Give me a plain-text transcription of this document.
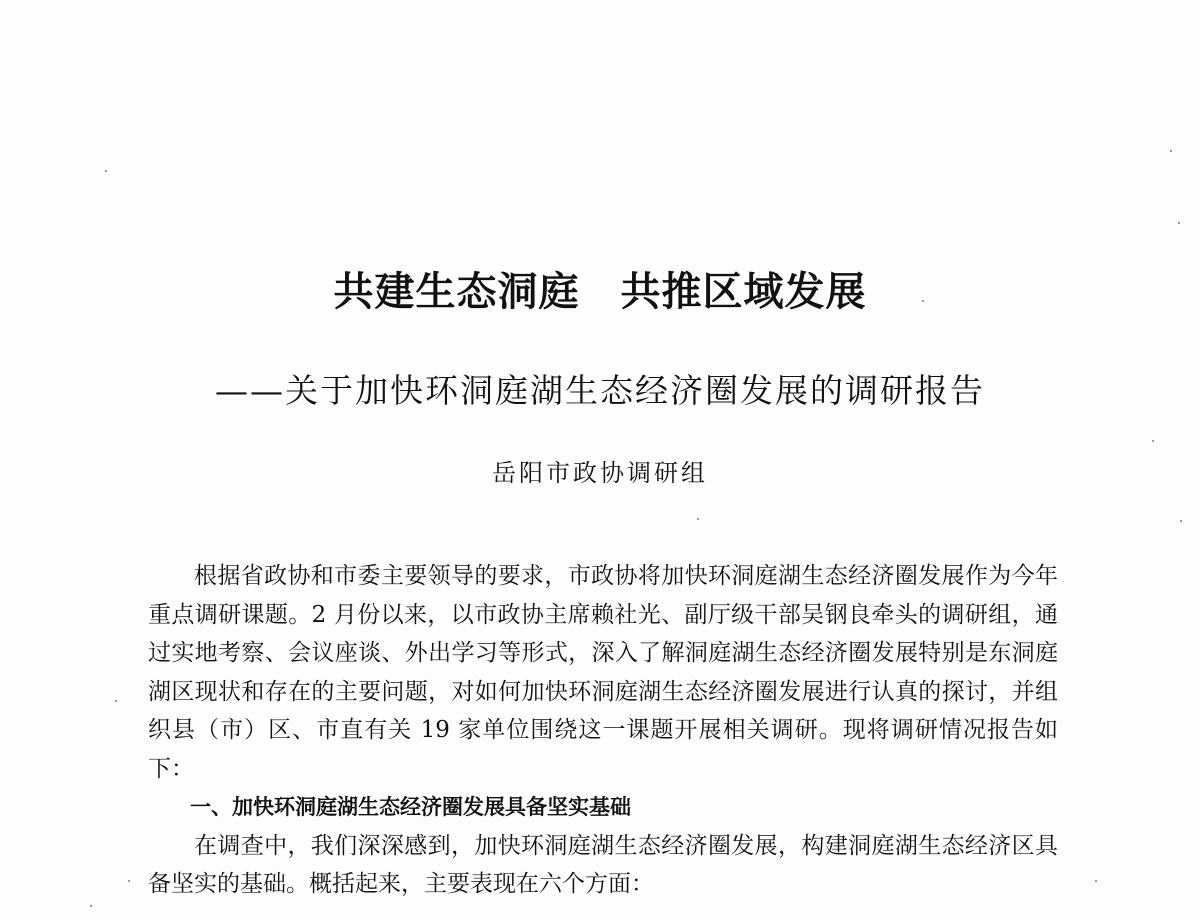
共建生态洞庭　共推区域发展
——关于加快环洞庭湖生态经济圈发展的调研报告
岳阳市政协调研组

根据省政协和市委主要领导的要求，市政协将加快环洞庭湖生态经济圈发展作为今年重点调研课题。2 月份以来，以市政协主席赖社光、副厅级干部吴钢良牵头的调研组，通过实地考察、会议座谈、外出学习等形式，深入了解洞庭湖生态经济圈发展特别是东洞庭湖区现状和存在的主要问题，对如何加快环洞庭湖生态经济圈发展进行认真的探讨，并组织县（市）区、市直有关 19 家单位围绕这一课题开展相关调研。现将调研情况报告如下：

一、加快环洞庭湖生态经济圈发展具备坚实基础

在调查中，我们深深感到，加快环洞庭湖生态经济圈发展，构建洞庭湖生态经济区具备坚实的基础。概括起来，主要表现在六个方面：
